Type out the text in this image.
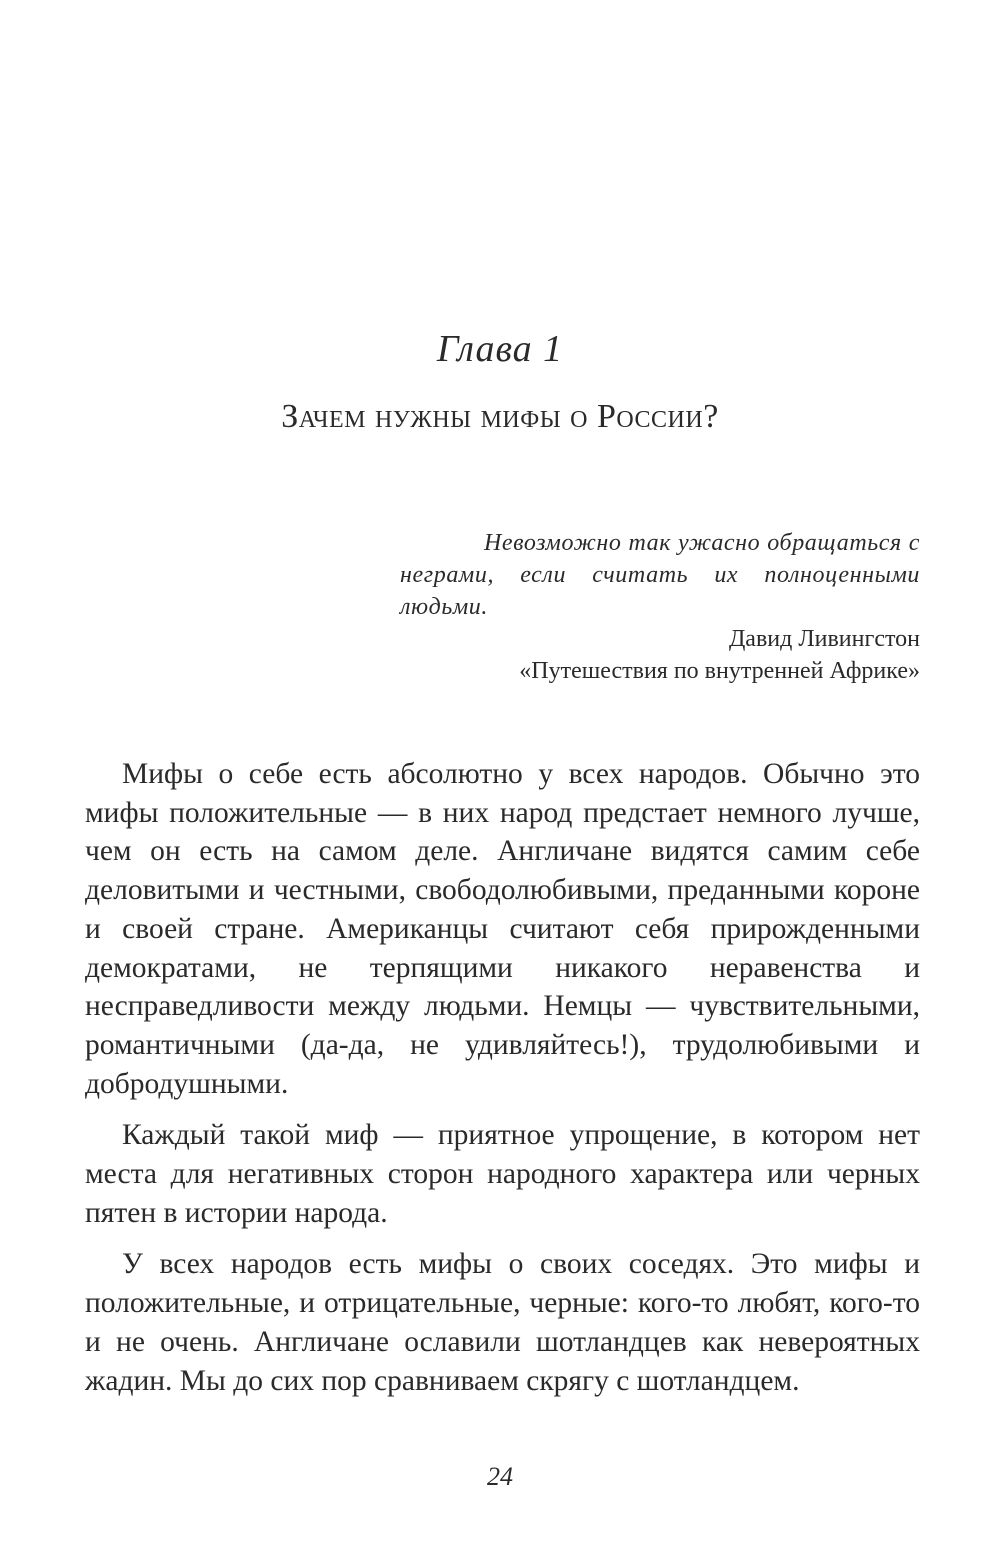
Глава 1
Зачем нужны мифы о России?

Невозможно так ужасно обращаться с неграми, если считать их полноценными людьми.

Давид Ливингстон

«Путешествия по внутренней Африке»

Мифы о себе есть абсолютно у всех народов. Обычно это мифы положительные — в них народ предстает немного лучше, чем он есть на самом деле. Англичане видятся самим себе деловитыми и честными, свободолюбивыми, преданными короне и своей стране. Американцы считают себя прирожденными демократами, не терпящими никакого неравенства и несправедливости между людьми. Немцы — чувствительными, романтичными (да-да, не удивляйтесь!), трудолюбивыми и добродушными.

Каждый такой миф — приятное упрощение, в котором нет места для негативных сторон народного характера или черных пятен в истории народа.

У всех народов есть мифы о своих соседях. Это мифы и положительные, и отрицательные, черные: кого-то любят, кого-то и не очень. Англичане ославили шотландцев как невероятных жадин. Мы до сих пор сравниваем скрягу с шотландцем.

24
